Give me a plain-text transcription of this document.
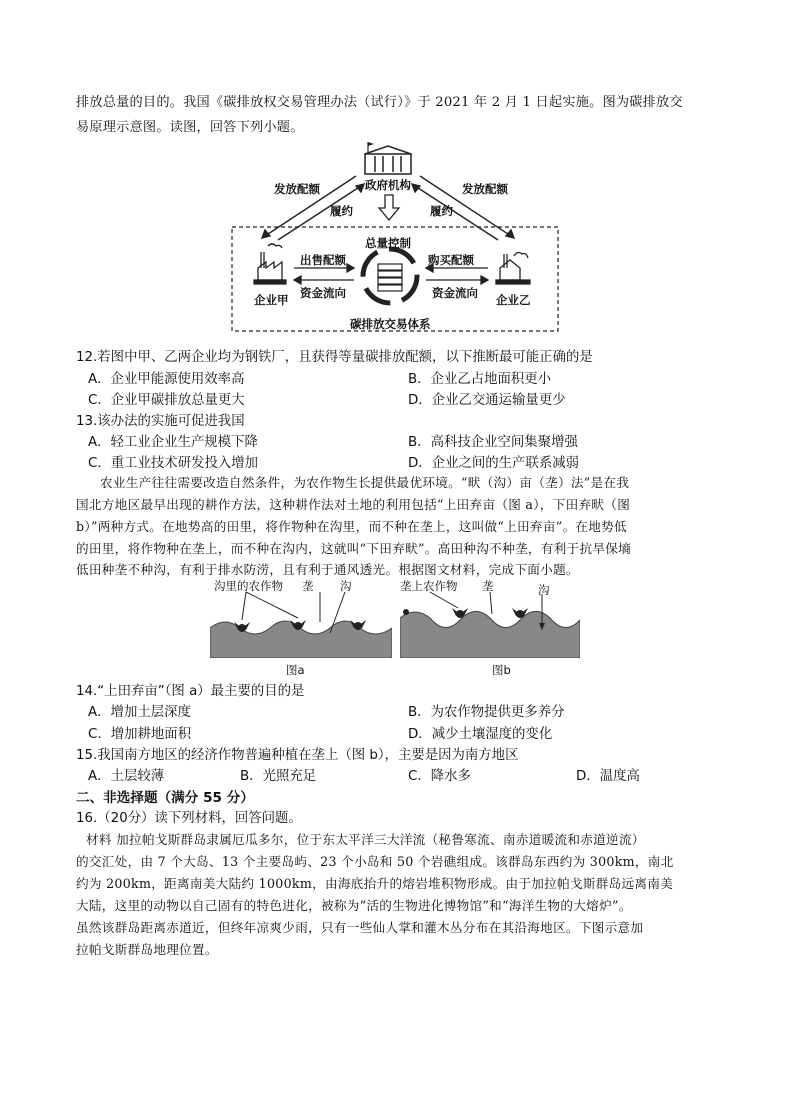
排放总量的目的。我国《碳排放权交易管理办法（试行）》于 2021 年 2 月 1 日起实施。图为碳排放交
易原理示意图。读图，回答下列小题。
政府机构
发放配额
履约
发放配额
履约
总量控制
出售配额	购买配额
资金流向	资金流向
企业甲	企业乙
碳排放交易体系
12.若图中甲、乙两企业均为钢铁厂，且获得等量碳排放配额，以下推断最可能正确的是
A．企业甲能源使用效率高	B．企业乙占地面积更小
C．企业甲碳排放总量更大	D．企业乙交通运输量更少
13.该办法的实施可促进我国
A．轻工业企业生产规模下降	B．高科技企业空间集聚增强
C．重工业技术研发投入增加	D．企业之间的生产联系减弱
农业生产往往需要改造自然条件，为农作物生长提供最优环境。“畎（沟）亩（垄）法”是在我
国北方地区最早出现的耕作方法，这种耕作法对土地的利用包括“上田弃亩（图 a），下田弃畎（图
b）”两种方式。在地势高的田里，将作物种在沟里，而不种在垄上，这叫做“上田弃亩”。在地势低
的田里，将作物种在垄上，而不种在沟内，这就叫“下田弃畎”。高田种沟不种垄，有利于抗旱保墒
低田种垄不种沟，有利于排水防涝，且有利于通风透光。根据图文材料，完成下面小题。
沟里的农作物 垄 沟
图a
垄上农作物 垄	沟
图b
14.“上田弃亩”（图 a）最主要的目的是
A．增加土层深度	B．为农作物提供更多养分
C．增加耕地面积	D．减少土壤湿度的变化
15.我国南方地区的经济作物普遍种植在垄上（图 b），主要是因为南方地区
A．土层较薄	B．光照充足	C．降水多	D．温度高
二、非选择题（满分 55 分）
16.（20分）读下列材料，回答问题。
材料 加拉帕戈斯群岛隶属厄瓜多尔，位于东太平洋三大洋流（秘鲁寒流、南赤道暖流和赤道逆流）
的交汇处，由 7 个大岛、13 个主要岛屿、23 个小岛和 50 个岩礁组成。该群岛东西约为 300km，南北
约为 200km，距离南美大陆约 1000km，由海底抬升的熔岩堆积物形成。由于加拉帕戈斯群岛远离南美
大陆，这里的动物以自己固有的特色进化，被称为“活的生物进化博物馆”和“海洋生物的大熔炉”。
虽然该群岛距离赤道近，但终年凉爽少雨，只有一些仙人掌和灌木丛分布在其沿海地区。下图示意加
拉帕戈斯群岛地理位置。
